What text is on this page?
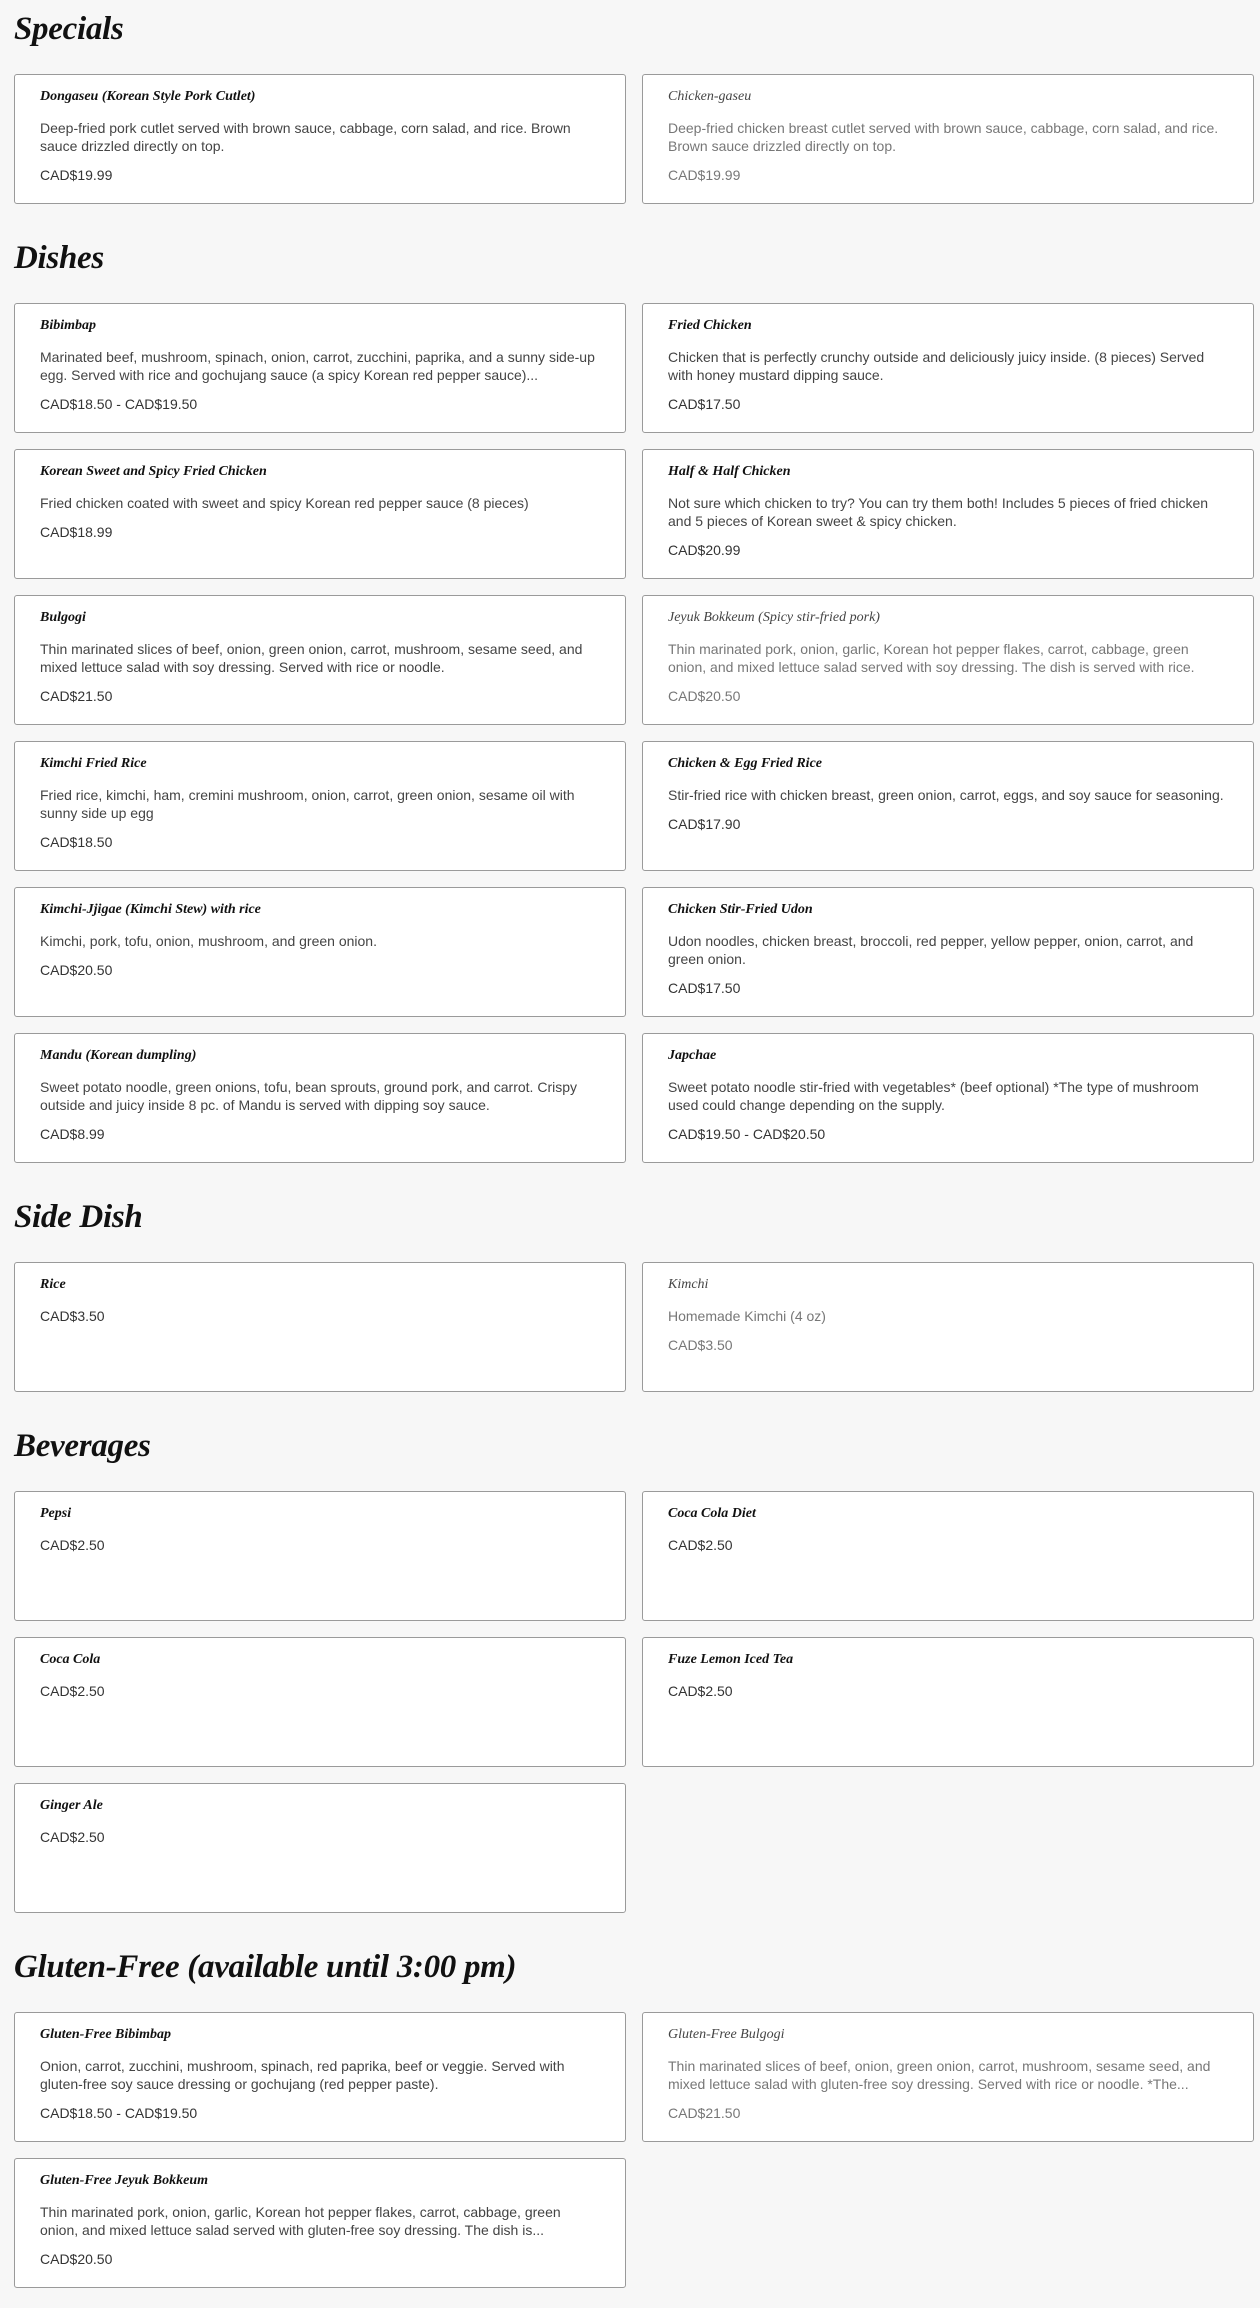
Specials
Dongaseu (Korean Style Pork Cutlet)
Deep-fried pork cutlet served with brown sauce, cabbage, corn salad, and rice. Brown sauce drizzled directly on top.
CAD$19.99
Chicken-gaseu
Deep-fried chicken breast cutlet served with brown sauce, cabbage, corn salad, and rice. Brown sauce drizzled directly on top.
CAD$19.99
Dishes
Bibimbap
Marinated beef, mushroom, spinach, onion, carrot, zucchini, paprika, and a sunny side-up egg. Served with rice and gochujang sauce (a spicy Korean red pepper sauce)...
CAD$18.50 - CAD$19.50
Fried Chicken
Chicken that is perfectly crunchy outside and deliciously juicy inside. (8 pieces) Served with honey mustard dipping sauce.
CAD$17.50
Korean Sweet and Spicy Fried Chicken
Fried chicken coated with sweet and spicy Korean red pepper sauce (8 pieces)
CAD$18.99
Half & Half Chicken
Not sure which chicken to try? You can try them both! Includes 5 pieces of fried chicken and 5 pieces of Korean sweet & spicy chicken.
CAD$20.99
Bulgogi
Thin marinated slices of beef, onion, green onion, carrot, mushroom, sesame seed, and mixed lettuce salad with soy dressing. Served with rice or noodle.
CAD$21.50
Jeyuk Bokkeum (Spicy stir-fried pork)
Thin marinated pork, onion, garlic, Korean hot pepper flakes, carrot, cabbage, green onion, and mixed lettuce salad served with soy dressing. The dish is served with rice.
CAD$20.50
Kimchi Fried Rice
Fried rice, kimchi, ham, cremini mushroom, onion, carrot, green onion, sesame oil with sunny side up egg
CAD$18.50
Chicken & Egg Fried Rice
Stir-fried rice with chicken breast, green onion, carrot, eggs, and soy sauce for seasoning.
CAD$17.90
Kimchi-Jjigae (Kimchi Stew) with rice
Kimchi, pork, tofu, onion, mushroom, and green onion.
CAD$20.50
Chicken Stir-Fried Udon
Udon noodles, chicken breast, broccoli, red pepper, yellow pepper, onion, carrot, and green onion.
CAD$17.50
Mandu (Korean dumpling)
Sweet potato noodle, green onions, tofu, bean sprouts, ground pork, and carrot. Crispy outside and juicy inside 8 pc. of Mandu is served with dipping soy sauce.
CAD$8.99
Japchae
Sweet potato noodle stir-fried with vegetables* (beef optional) *The type of mushroom used could change depending on the supply.
CAD$19.50 - CAD$20.50
Side Dish
Rice
CAD$3.50
Kimchi
Homemade Kimchi (4 oz)
CAD$3.50
Beverages
Pepsi
CAD$2.50
Coca Cola Diet
CAD$2.50
Coca Cola
CAD$2.50
Fuze Lemon Iced Tea
CAD$2.50
Ginger Ale
CAD$2.50
Gluten-Free (available until 3:00 pm)
Gluten-Free Bibimbap
Onion, carrot, zucchini, mushroom, spinach, red paprika, beef or veggie. Served with gluten-free soy sauce dressing or gochujang (red pepper paste).
CAD$18.50 - CAD$19.50
Gluten-Free Bulgogi
Thin marinated slices of beef, onion, green onion, carrot, mushroom, sesame seed, and mixed lettuce salad with gluten-free soy dressing. Served with rice or noodle. *The...
CAD$21.50
Gluten-Free Jeyuk Bokkeum
Thin marinated pork, onion, garlic, Korean hot pepper flakes, carrot, cabbage, green onion, and mixed lettuce salad served with gluten-free soy dressing. The dish is...
CAD$20.50
